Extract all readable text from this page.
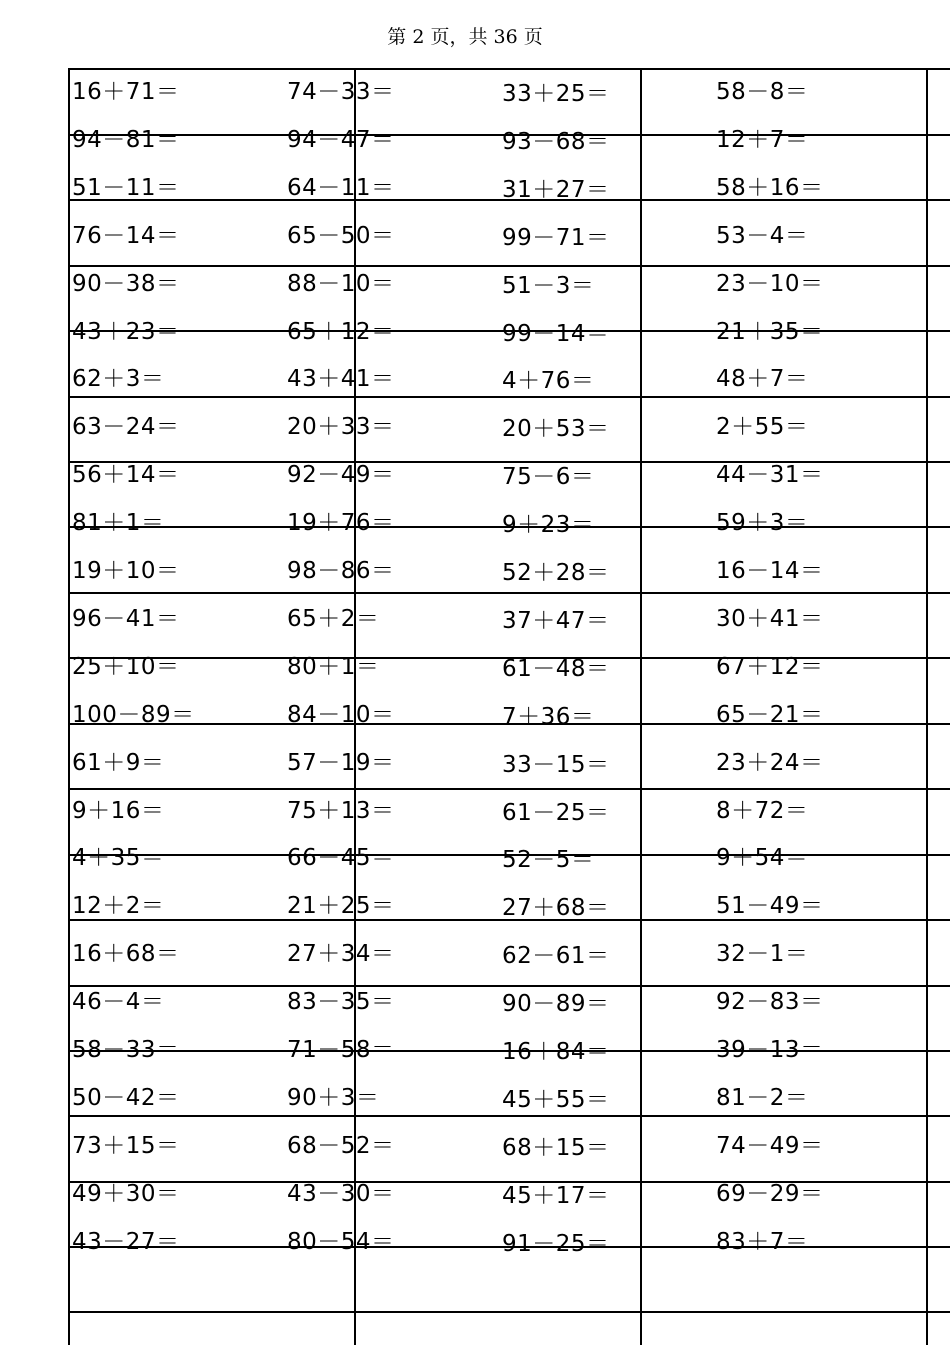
第 2 页，共 36 页
16＋71＝
94－81＝
51－11＝
76－14＝
90－38＝
43＋23＝
62＋3＝
63－24＝
56＋14＝
81＋1＝
19＋10＝
96－41＝
25＋10＝
100－89＝
61＋9＝
9＋16＝
4＋35＝
12＋2＝
16＋68＝
46－4＝
58－33＝
50－42＝
73＋15＝
49＋30＝
43－27＝
74－33＝
94－47＝
64－11＝
65－50＝
88－10＝
65＋12＝
43＋41＝
20＋33＝
92－49＝
19＋76＝
98－86＝
65＋2＝
80＋1＝
84－10＝
57－19＝
75＋13＝
66－45＝
21＋25＝
27＋34＝
83－35＝
71－58＝
90＋3＝
68－52＝
43－30＝
80－54＝
33＋25＝
93－68＝
31＋27＝
99－71＝
51－3＝
99－14＝
4＋76＝
20＋53＝
75－6＝
9＋23＝
52＋28＝
37＋47＝
61－48＝
7＋36＝
33－15＝
61－25＝
52－5＝
27＋68＝
62－61＝
90－89＝
16＋84＝
45＋55＝
68＋15＝
45＋17＝
91－25＝
58－8＝
12＋7＝
58＋16＝
53－4＝
23－10＝
21＋35＝
48＋7＝
2＋55＝
44－31＝
59＋3＝
16－14＝
30＋41＝
67＋12＝
65－21＝
23＋24＝
8＋72＝
9＋54＝
51－49＝
32－1＝
92－83＝
39－13＝
81－2＝
74－49＝
69－29＝
83＋7＝
